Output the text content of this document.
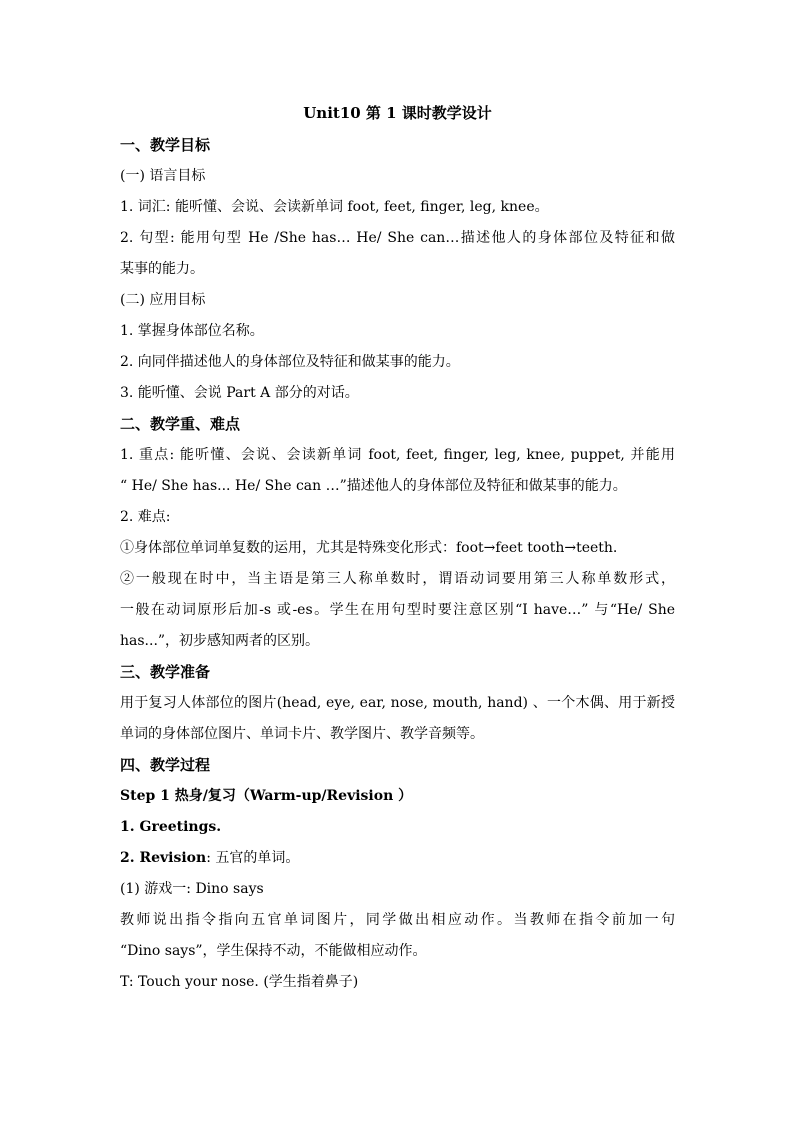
Unit10 第 1 课时教学设计
一、教学目标
(一) 语言目标
1. 词汇: 能听懂、会说、会读新单词 foot, feet, finger, leg, knee。
2. 句型: 能用句型 He /She has… He/ She can…描述他人的身体部位及特征和做
某事的能力。
(二) 应用目标
1. 掌握身体部位名称。
2. 向同伴描述他人的身体部位及特征和做某事的能力。
3. 能听懂、会说 Part A 部分的对话。
二、教学重、难点
1. 重点: 能听懂、会说、会读新单词 foot, feet, finger, leg, knee, puppet, 并能用
“ He/ She has... He/ She can …”描述他人的身体部位及特征和做某事的能力。
2. 难点:
①身体部位单词单复数的运用，尤其是特殊变化形式：foot→feet tooth→teeth.
②一般现在时中，当主语是第三人称单数时，谓语动词要用第三人称单数形式，
一般在动词原形后加-s 或-es。学生在用句型时要注意区别“I have…” 与“He/ She
has...”，初步感知两者的区别。
三、教学准备
用于复习人体部位的图片(head, eye, ear, nose, mouth, hand) 、一个木偶、用于新授
单词的身体部位图片、单词卡片、教学图片、教学音频等。
四、教学过程
Step 1 热身/复习（Warm-up/Revision ）
1. Greetings.
2. Revision: 五官的单词。
(1) 游戏一: Dino says
教师说出指令指向五官单词图片，同学做出相应动作。当教师在指令前加一句
“Dino says”，学生保持不动，不能做相应动作。
T: Touch your nose. (学生指着鼻子)
